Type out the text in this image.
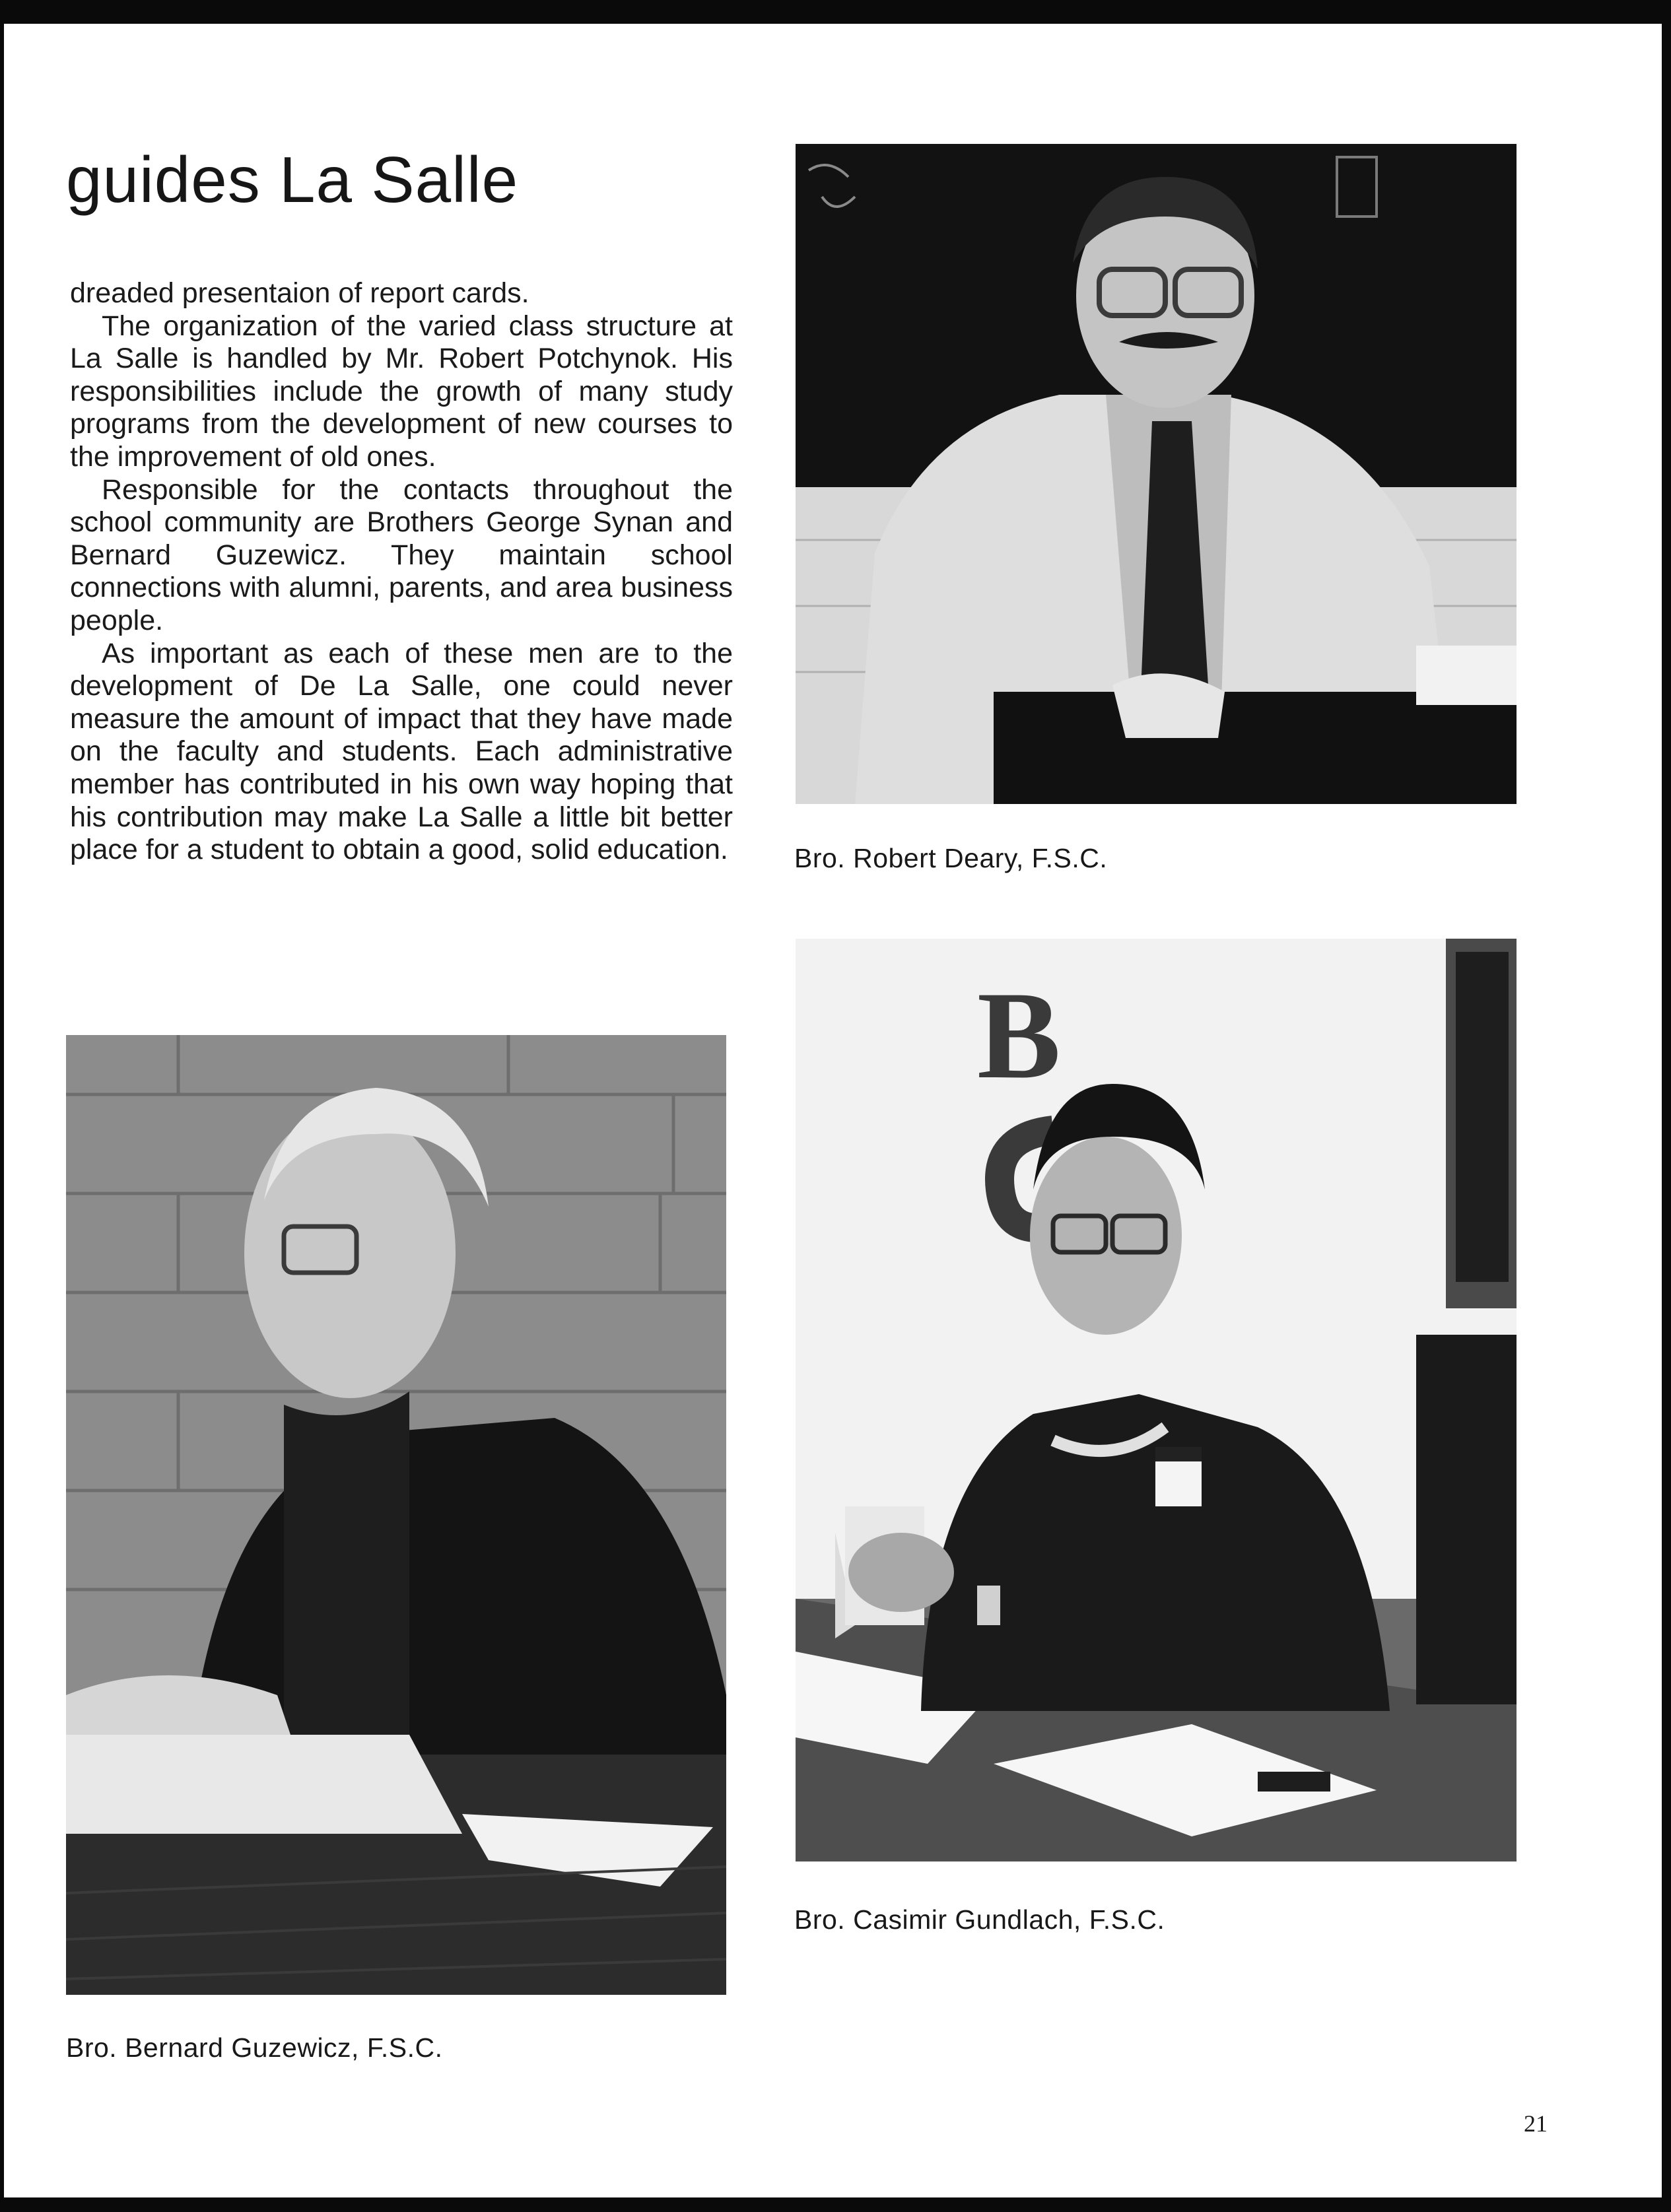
guides La Salle

dreaded presentaion of report cards.

The organization of the varied class structure at La Salle is handled by Mr. Robert Potchynok. His responsibilities include the growth of many study programs from the development of new courses to the improvement of old ones.

Responsible for the contacts throughout the school community are Brothers George Synan and Bernard Guzewicz. They maintain school connections with alumni, parents, and area business people.

As important as each of these men are to the development of De La Salle, one could never measure the amount of impact that they have made on the faculty and students. Each administrative member has contributed in his own way hoping that his contribution may make La Salle a little bit better place for a student to obtain a good, solid education. Bro. Robert Deary, F.S.C.

B

Bro. Casimir Gundlach, F.S.C.

Bro. Bernard Guzewicz, F.S.C.

21
